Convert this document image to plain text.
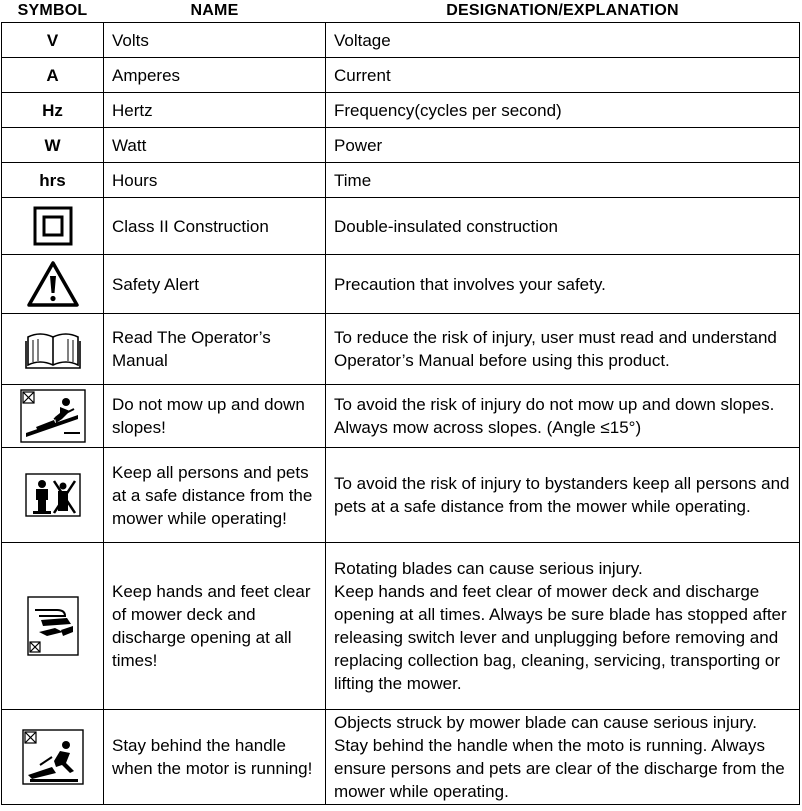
SYMBOL	NAME	DESIGNATION/EXPLANATION
V	Volts	Voltage
A	Amperes	Current
Hz	Hertz	Frequency(cycles per second)
W	Watt	Power
hrs	Hours	Time

	Class II Construction	Double-insulated construction

	Safety Alert	Precaution that involves your safety.

	Read The Operator’s Manual	To reduce the risk of injury, user must read and understand Operator’s Manual before using this product.

	Do not mow up and down slopes!	To avoid the risk of injury do not mow up and down slopes. Always mow across slopes. (Angle ≤15°)

	Keep all persons and pets at a safe distance from the mower while operating!	To avoid the risk of injury to bystanders keep all persons and pets at a safe distance from the mower while operating.

	Keep hands and feet clear of mower deck and discharge opening at all times!	Rotating blades can cause serious injury.
Keep hands and feet clear of mower deck and discharge opening at all times. Always be sure blade has stopped after releasing switch lever and unplugging before removing and replacing collection bag, cleaning, servicing, transporting or lifting the mower.

	Stay behind the handle when the motor is running!	Objects struck by mower blade can cause serious injury. Stay behind the handle when the moto is running. Always ensure persons and pets are clear of the discharge from the mower while operating.
